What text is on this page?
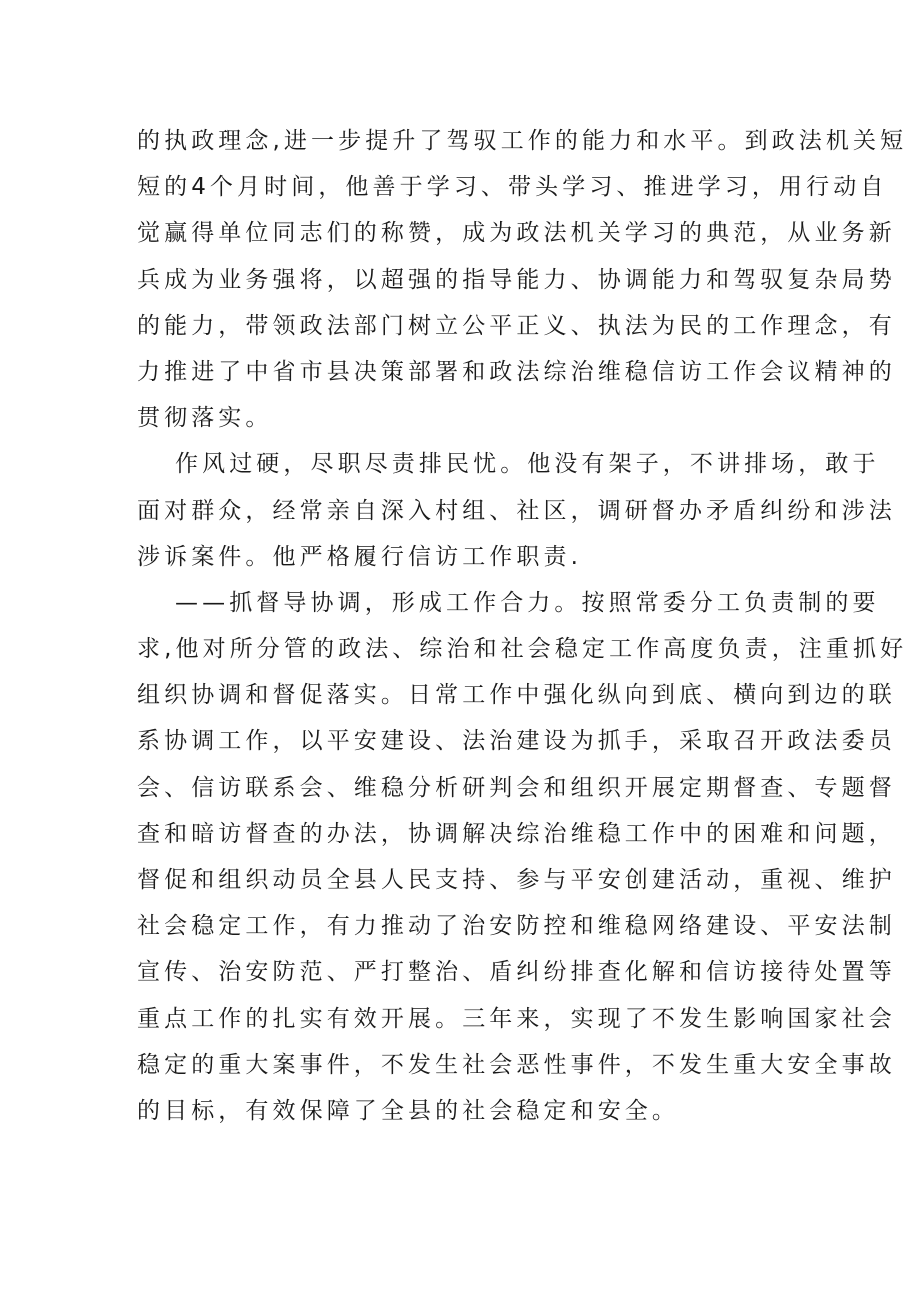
的执政理念,进一步提升了驾驭工作的能力和水平。到政法机关短
短的4个月时间，他善于学习、带头学习、推进学习，用行动自
觉赢得单位同志们的称赞，成为政法机关学习的典范，从业务新
兵成为业务强将，以超强的指导能力、协调能力和驾驭复杂局势
的能力，带领政法部门树立公平正义、执法为民的工作理念，有
力推进了中省市县决策部署和政法综治维稳信访工作会议精神的
贯彻落实。
作风过硬，尽职尽责排民忧。他没有架子，不讲排场，敢于
面对群众，经常亲自深入村组、社区，调研督办矛盾纠纷和涉法
涉诉案件。他严格履行信访工作职责.
——抓督导协调，形成工作合力。按照常委分工负责制的要
求,他对所分管的政法、综治和社会稳定工作高度负责，注重抓好
组织协调和督促落实。日常工作中强化纵向到底、横向到边的联
系协调工作，以平安建设、法治建设为抓手，采取召开政法委员
会、信访联系会、维稳分析研判会和组织开展定期督查、专题督
查和暗访督查的办法，协调解决综治维稳工作中的困难和问题，
督促和组织动员全县人民支持、参与平安创建活动，重视、维护
社会稳定工作，有力推动了治安防控和维稳网络建设、平安法制
宣传、治安防范、严打整治、盾纠纷排查化解和信访接待处置等
重点工作的扎实有效开展。三年来，实现了不发生影响国家社会
稳定的重大案事件，不发生社会恶性事件，不发生重大安全事故
的目标，有效保障了全县的社会稳定和安全。
